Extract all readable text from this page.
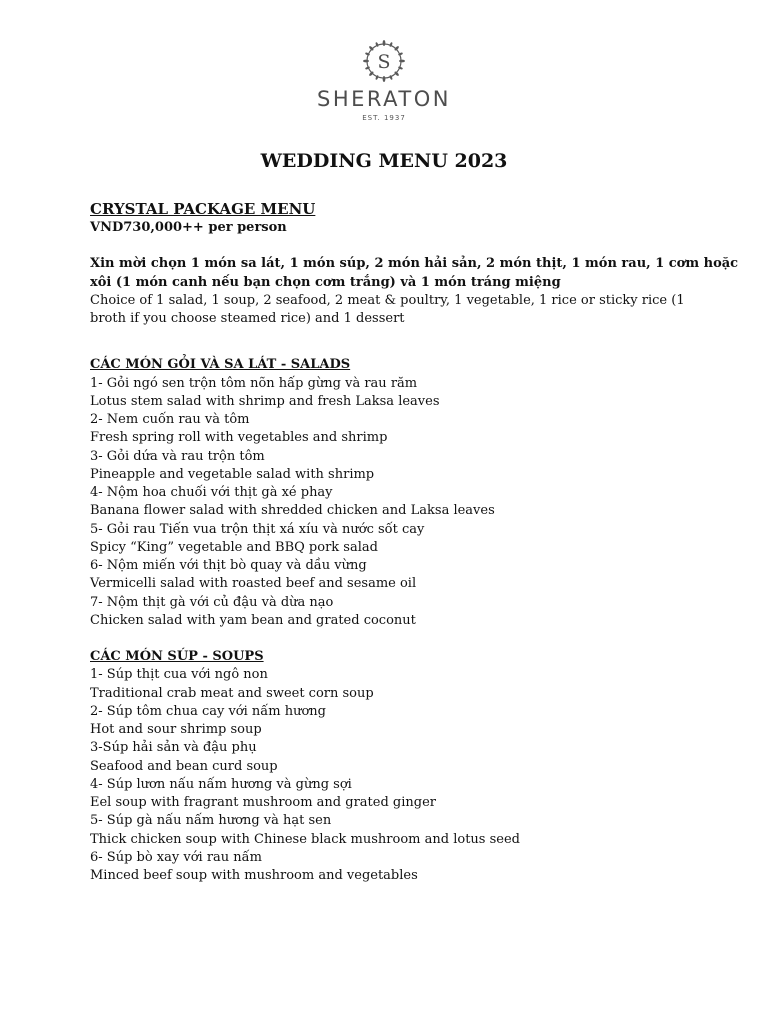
S
SHERATON
EST. 1937
WEDDING MENU 2023
CRYSTAL PACKAGE MENU
VND730,000++ per person
Xin mời chọn 1 món sa lát, 1 món súp, 2 món hải sản, 2 món thịt, 1 món rau, 1 cơm hoặc
xôi (1 món canh nếu bạn chọn cơm trắng) và 1 món tráng miệng
Choice of 1 salad, 1 soup, 2 seafood, 2 meat & poultry, 1 vegetable, 1 rice or sticky rice (1
broth if you choose steamed rice) and 1 dessert
CÁC MÓN GỎI VÀ SA LÁT - SALADS
1- Gỏi ngó sen trộn tôm nõn hấp gừng và rau răm
Lotus stem salad with shrimp and fresh Laksa leaves
2- Nem cuốn rau và tôm
Fresh spring roll with vegetables and shrimp
3- Gỏi dứa và rau trộn tôm
Pineapple and vegetable salad with shrimp
4- Nộm hoa chuối với thịt gà xé phay
Banana flower salad with shredded chicken and Laksa leaves
5- Gỏi rau Tiến vua trộn thịt xá xíu và nước sốt cay
Spicy “King” vegetable and BBQ pork salad
6- Nộm miến với thịt bò quay và dầu vừng
Vermicelli salad with roasted beef and sesame oil
7- Nộm thịt gà với củ đậu và dừa nạo
Chicken salad with yam bean and grated coconut
CÁC MÓN SÚP - SOUPS
1- Súp thịt cua với ngô non
Traditional crab meat and sweet corn soup
2- Súp tôm chua cay với nấm hương
Hot and sour shrimp soup
3-Súp hải sản và đậu phụ
Seafood and bean curd soup
4- Súp lươn nấu nấm hương và gừng sợi
Eel soup with fragrant mushroom and grated ginger
5- Súp gà nấu nấm hương và hạt sen
Thick chicken soup with Chinese black mushroom and lotus seed
6- Súp bò xay với rau nấm
Minced beef soup with mushroom and vegetables
